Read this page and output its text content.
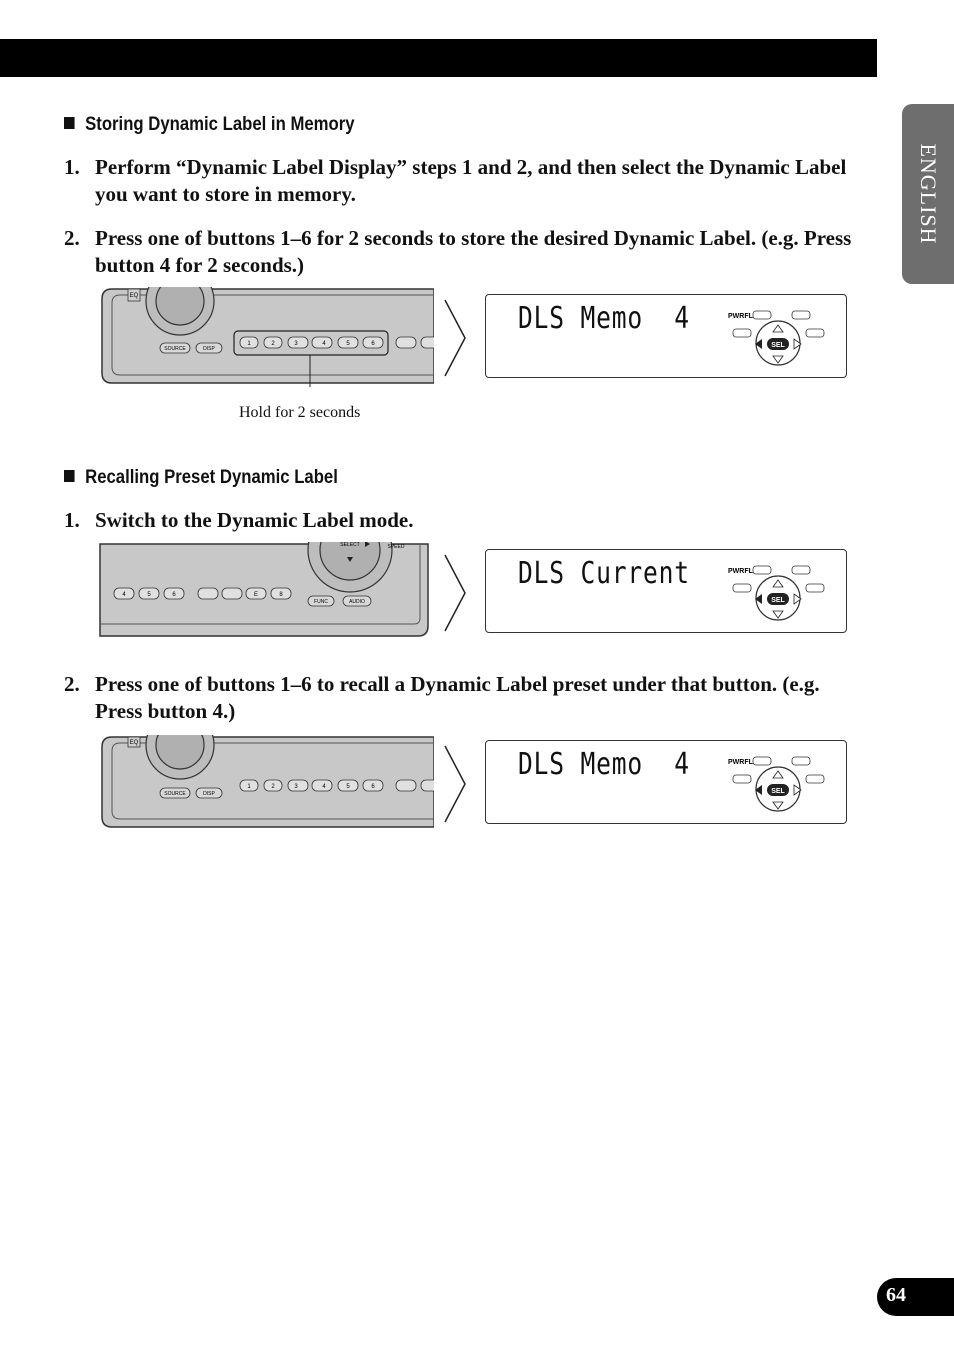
ENGLISH
Storing Dynamic Label in Memory
1. Perform “Dynamic Label Display” steps 1 and 2, and then select the Dynamic Label you want to store in memory.
2. Press one of buttons 1–6 for 2 seconds to store the desired Dynamic Label. (e.g. Press button 4 for 2 seconds.)
EQ
SOURCE	DISP
1	2	3	4	5	6
Hold for 2 seconds
DLS Memo  4	PWRFL
SEL
Recalling Preset Dynamic Label
1. Switch to the Dynamic Label mode.
SELECT	SPEED
4	5	6	E	8
FUNC	AUDIO
DLS Current	PWRFL
SEL
2. Press one of buttons 1–6 to recall a Dynamic Label preset under that button. (e.g. Press button 4.)
EQ
SOURCE	DISP
1	2	3	4	5	6
DLS Memo  4	PWRFL
SEL
64
